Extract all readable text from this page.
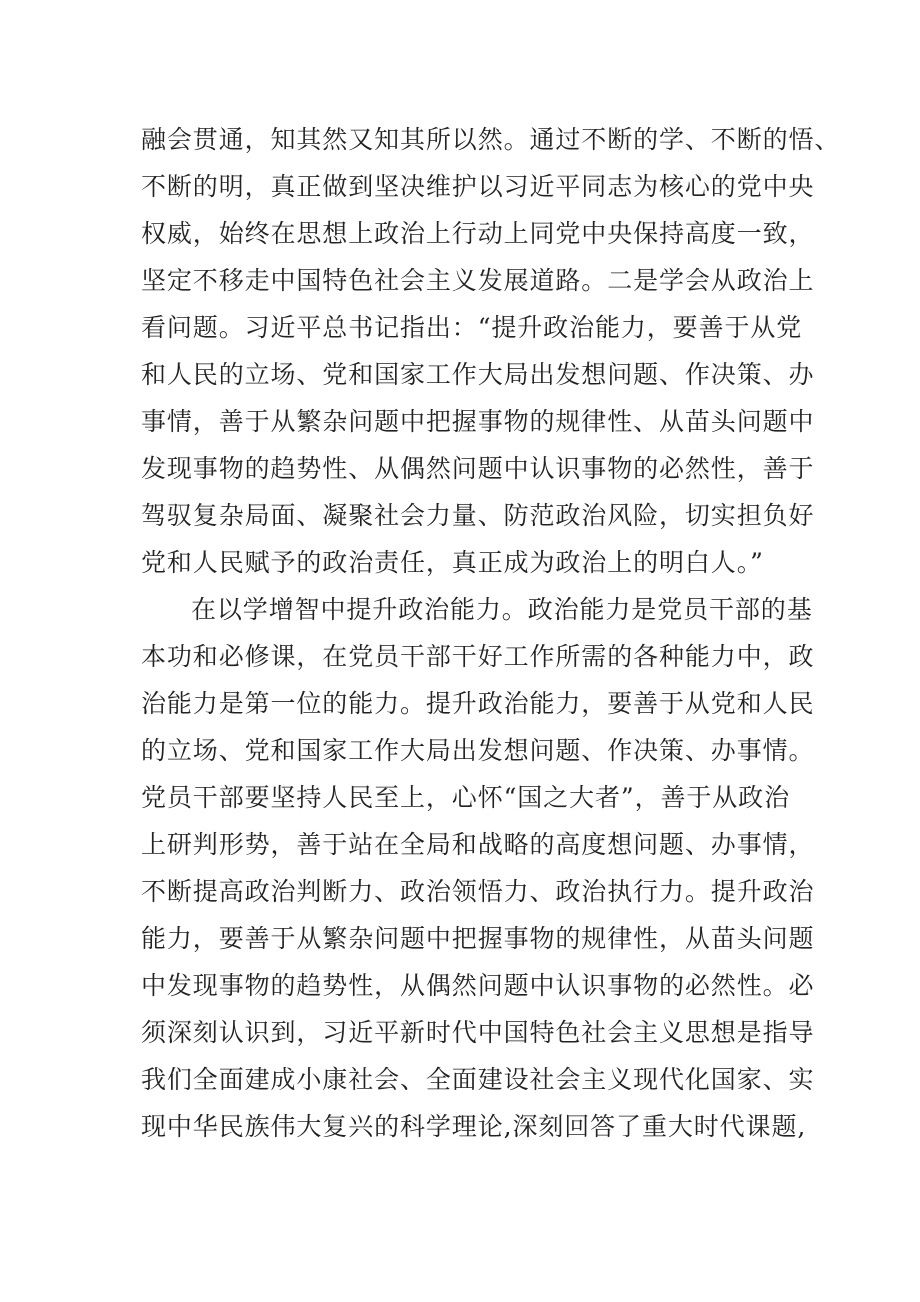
融会贯通，知其然又知其所以然。通过不断的学、不断的悟、
不断的明，真正做到坚决维护以习近平同志为核心的党中央
权威，始终在思想上政治上行动上同党中央保持高度一致，
坚定不移走中国特色社会主义发展道路。二是学会从政治上
看问题。习近平总书记指出：“提升政治能力，要善于从党
和人民的立场、党和国家工作大局出发想问题、作决策、办
事情，善于从繁杂问题中把握事物的规律性、从苗头问题中
发现事物的趋势性、从偶然问题中认识事物的必然性，善于
驾驭复杂局面、凝聚社会力量、防范政治风险，切实担负好
党和人民赋予的政治责任，真正成为政治上的明白人。”
在以学增智中提升政治能力。政治能力是党员干部的基
本功和必修课，在党员干部干好工作所需的各种能力中，政
治能力是第一位的能力。提升政治能力，要善于从党和人民
的立场、党和国家工作大局出发想问题、作决策、办事情。
党员干部要坚持人民至上，心怀“国之大者”，善于从政治
上研判形势，善于站在全局和战略的高度想问题、办事情，
不断提高政治判断力、政治领悟力、政治执行力。提升政治
能力，要善于从繁杂问题中把握事物的规律性，从苗头问题
中发现事物的趋势性，从偶然问题中认识事物的必然性。必
须深刻认识到，习近平新时代中国特色社会主义思想是指导
我们全面建成小康社会、全面建设社会主义现代化国家、实
现中华民族伟大复兴的科学理论,深刻回答了重大时代课题,
